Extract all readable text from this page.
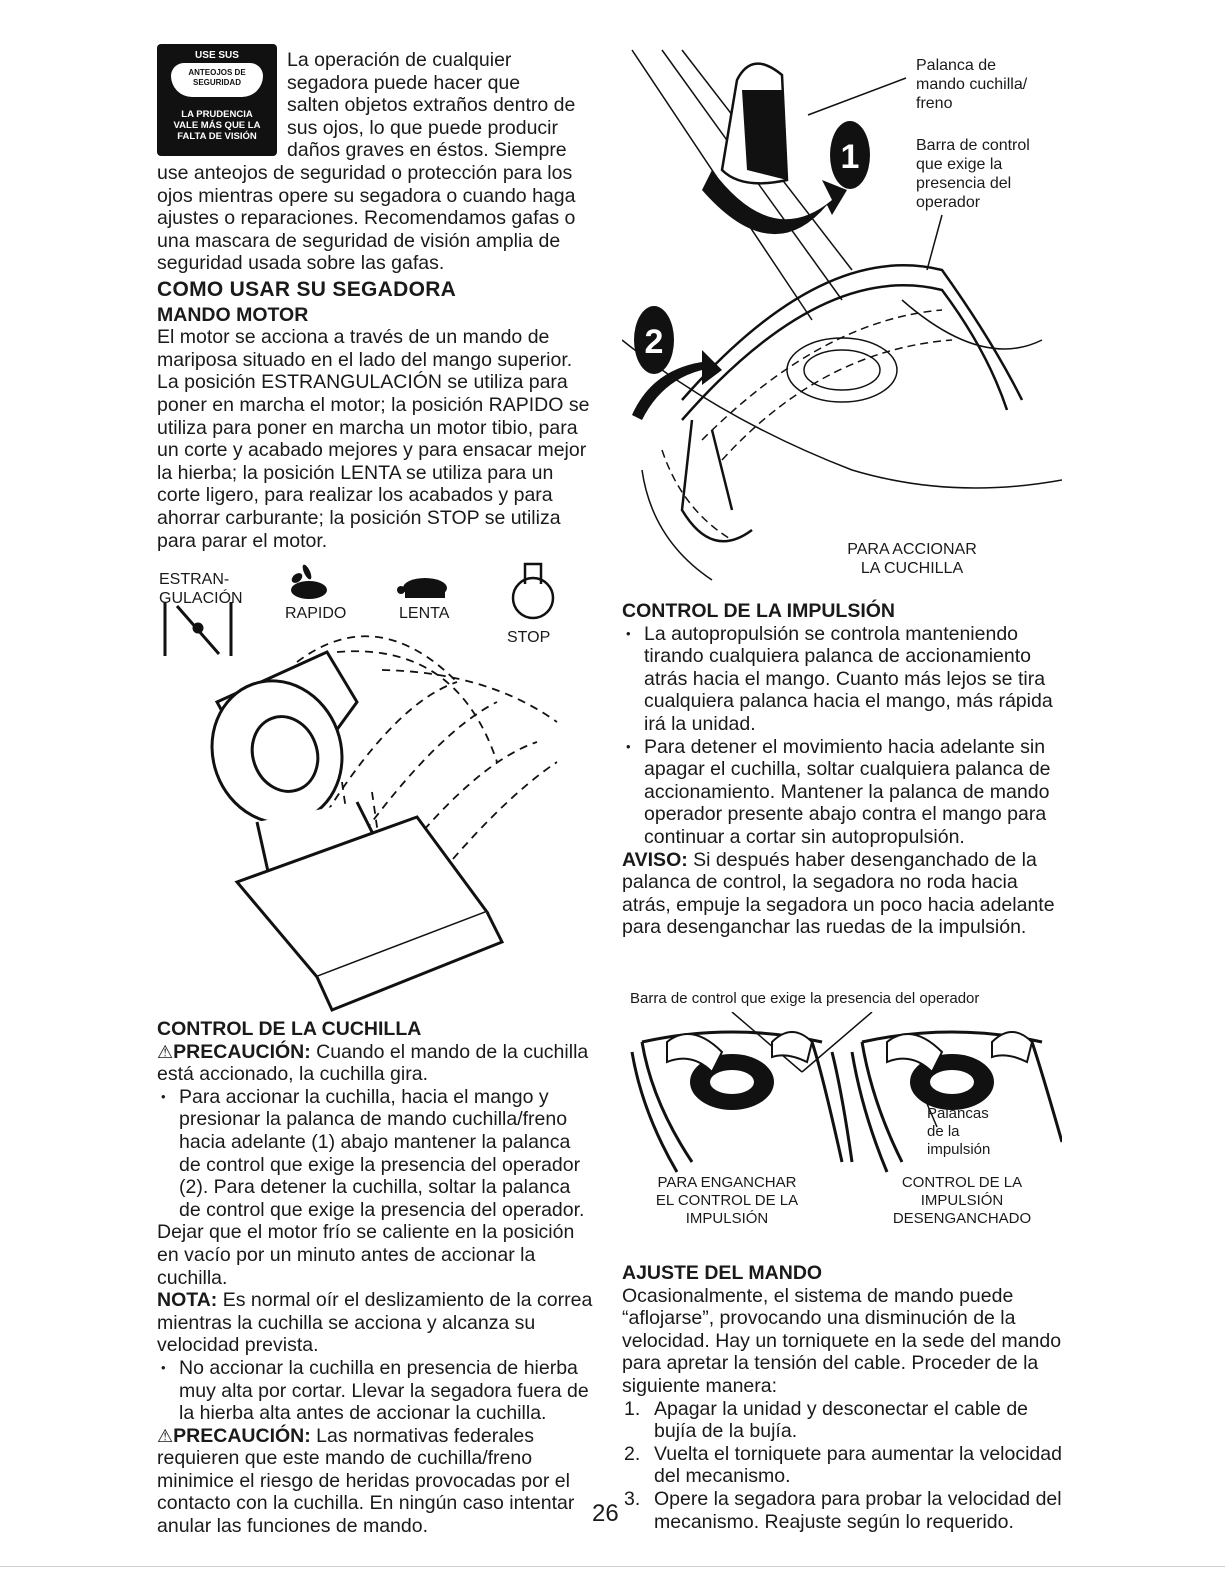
USE SUS
ANTEOJOS DE
SEGURIDAD
LA PRUDENCIA
VALE MÁS QUE LA
FALTA DE VISIÓN
La operación de cualquier
segadora puede hacer que
salten objetos extraños dentro de
sus ojos, lo que puede producir
daños graves en éstos. Siempre

use anteojos de seguridad o protección para los ojos mientras opere su segadora o cuando haga ajustes o reparaciones. Recomendamos gafas o una mascara de seguridad de visión amplia de seguridad usada sobre las gafas.

COMO USAR SU SEGADORA
MANDO MOTOR

El motor se acciona a través de un mando de mariposa situado en el lado del mango superior. La posición ESTRANGULACIÓN se utiliza para poner en marcha el motor; la posición RAPIDO se utiliza para poner en marcha un motor tibio, para un corte y acabado mejores y para ensacar mejor la hierba; la posición LENTA se utiliza para un corte ligero, para realizar los acabados y para ahorrar carburante; la posición STOP se utiliza para parar el motor.

ESTRAN-
GULACIÓN
RAPIDO	LENTA
STOP
CONTROL DE LA CUCHILLA

⚠PRECAUCIÓN: Cuando el mando de la cuchilla está accionado, la cuchilla gira.

• Para accionar la cuchilla, hacia el mango y presionar la palanca de mando cuchilla/freno hacia adelante (1) abajo mantener la palanca de control que exige la presencia del operador (2). Para detener la cuchilla, soltar la palanca de control que exige la presencia del operador.

Dejar que el motor frío se caliente en la posición en vacío por un minuto antes de accionar la cuchilla.

NOTA: Es normal oír el deslizamiento de la correa mientras la cuchilla se acciona y alcanza su velocidad prevista.

• No accionar la cuchilla en presencia de hierba muy alta por cortar. Llevar la segadora fuera de la hierba alta antes de accionar la cuchilla.

⚠PRECAUCIÓN: Las normativas federales requieren que este mando de cuchilla/freno minimice el riesgo de heridas provocadas por el contacto con la cuchilla. En ningún caso intentar anular las funciones de mando.

1
2
Palanca de
mando cuchilla/
freno
Barra de control
que exige la
presencia del
operador
PARA ACCIONAR
LA CUCHILLA
CONTROL DE LA IMPULSIÓN
• La autopropulsión se controla manteniendo tirando cualquiera palanca de accionamiento atrás hacia el mango. Cuanto más lejos se tira cualquiera palanca hacia el mango, más rápida irá la unidad.
• Para detener el movimiento hacia adelante sin apagar el cuchilla, soltar cualquiera palanca de accionamiento. Mantener la palanca de mando operador presente abajo contra el mango para continuar a cortar sin autopropulsión.

AVISO: Si después haber desenganchado de la palanca de control, la segadora no roda hacia atrás, empuje la segadora un poco hacia adelante para desenganchar las ruedas de la impulsión.

Barra de control que exige la presencia del operador
Palancas
de la
impulsión
PARA ENGANCHAR
EL CONTROL DE LA
IMPULSIÓN
CONTROL DE LA
IMPULSIÓN
DESENGANCHADO
AJUSTE DEL MANDO

Ocasionalmente, el sistema de mando puede “aflojarse”, provocando una disminución de la velocidad. Hay un torniquete en la sede del mando para apretar la tensión del cable. Proceder de la siguiente manera:

1. Apagar la unidad y desconectar el cable de bujía de la bujía.
2. Vuelta el torniquete para aumentar la velocidad del mecanismo.
3. Opere la segadora para probar la velocidad del mecanismo. Reajuste según lo requerido.
26
